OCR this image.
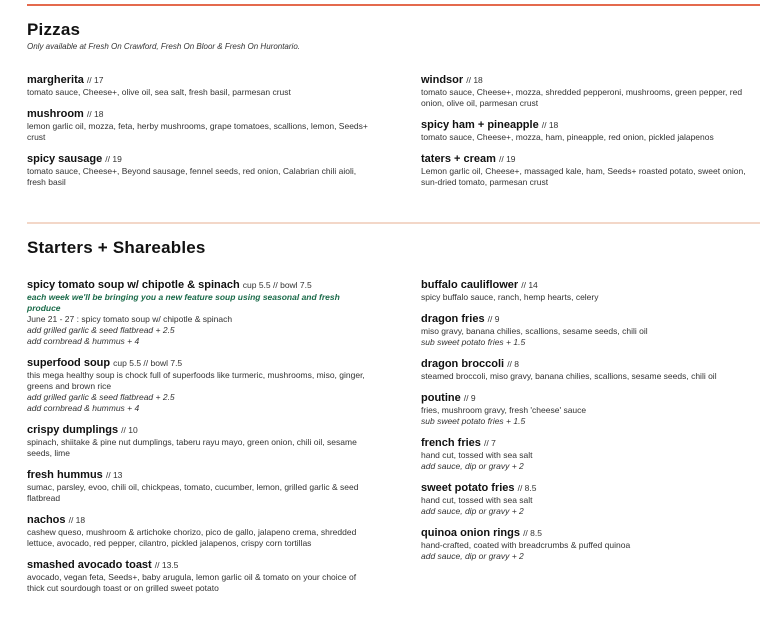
Pizzas
Only available at Fresh On Crawford, Fresh On Bloor & Fresh On Hurontario.
margherita // 17
tomato sauce, Cheese+, olive oil, sea salt, fresh basil, parmesan crust
mushroom // 18
lemon garlic oil, mozza, feta, herby mushrooms, grape tomatoes, scallions, lemon, Seeds+ crust
spicy sausage // 19
tomato sauce, Cheese+, Beyond sausage, fennel seeds, red onion, Calabrian chili aioli, fresh basil
windsor // 18
tomato sauce, Cheese+, mozza, shredded pepperoni, mushrooms, green pepper, red onion, olive oil, parmesan crust
spicy ham + pineapple // 18
tomato sauce, Cheese+, mozza, ham, pineapple, red onion, pickled jalapenos
taters + cream // 19
Lemon garlic oil, Cheese+, massaged kale, ham, Seeds+ roasted potato, sweet onion, sun-dried tomato, parmesan crust
Starters + Shareables
spicy tomato soup w/ chipotle & spinach cup 5.5 // bowl 7.5
each week we'll be bringing you a new feature soup using seasonal and fresh produce
June 21 - 27 : spicy tomato soup w/ chipotle & spinach
add grilled garlic & seed flatbread + 2.5
add cornbread & hummus + 4
superfood soup cup 5.5 // bowl 7.5
this mega healthy soup is chock full of superfoods like turmeric, mushrooms, miso, ginger, greens and brown rice
add grilled garlic & seed flatbread + 2.5
add cornbread & hummus + 4
crispy dumplings // 10
spinach, shiitake & pine nut dumplings, taberu rayu mayo, green onion, chili oil, sesame seeds, lime
fresh hummus // 13
sumac, parsley, evoo, chili oil, chickpeas, tomato, cucumber, lemon, grilled garlic & seed flatbread
nachos // 18
cashew queso, mushroom & artichoke chorizo, pico de gallo, jalapeno crema, shredded lettuce, avocado, red pepper, cilantro, pickled jalapenos, crispy corn tortillas
smashed avocado toast // 13.5
avocado, vegan feta, Seeds+, baby arugula, lemon garlic oil & tomato on your choice of thick cut sourdough toast or on grilled sweet potato
buffalo cauliflower // 14
spicy buffalo sauce, ranch, hemp hearts, celery
dragon fries // 9
miso gravy, banana chilies, scallions, sesame seeds, chili oil
sub sweet potato fries + 1.5
dragon broccoli // 8
steamed broccoli, miso gravy, banana chilies, scallions, sesame seeds, chili oil
poutine // 9
fries, mushroom gravy, fresh 'cheese' sauce
sub sweet potato fries + 1.5
french fries // 7
hand cut, tossed with sea salt
add sauce, dip or gravy + 2
sweet potato fries // 8.5
hand cut, tossed with sea salt
add sauce, dip or gravy + 2
quinoa onion rings // 8.5
hand-crafted, coated with breadcrumbs & puffed quinoa
add sauce, dip or gravy + 2
